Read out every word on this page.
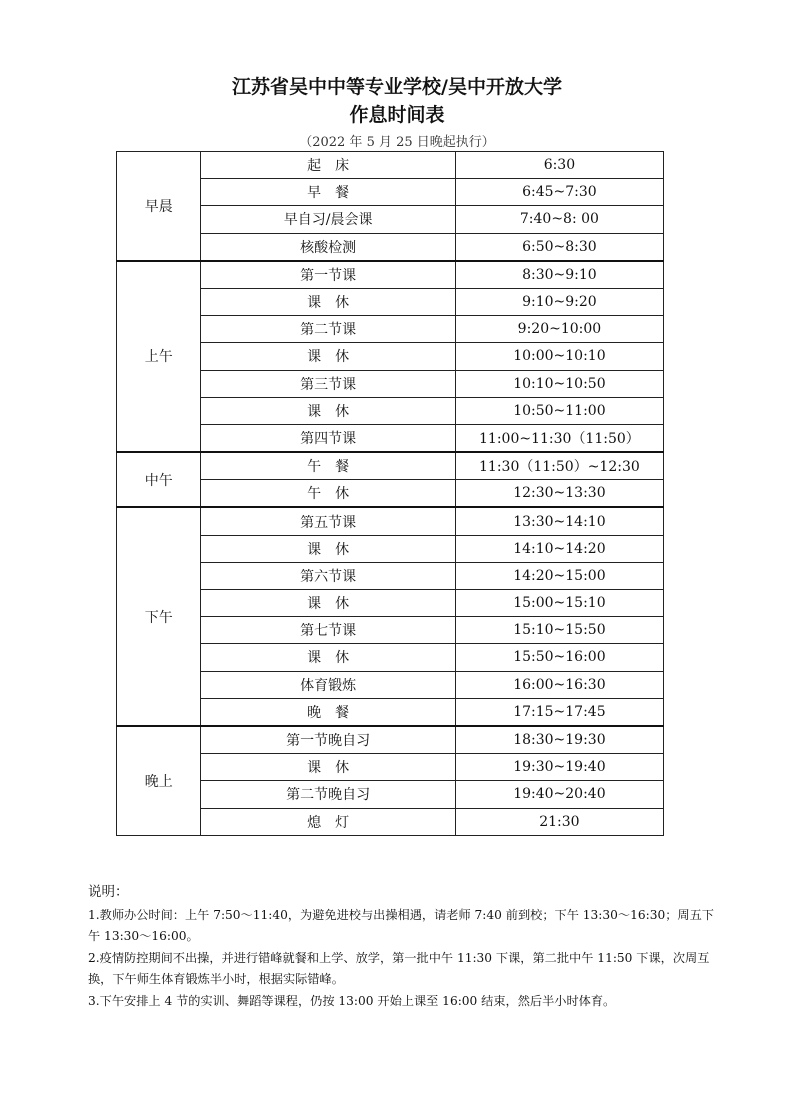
江苏省吴中中等专业学校/吴中开放大学
作息时间表
（2022 年 5 月 25 日晚起执行）
早晨	起　床	6:30
	早　餐	6:45~7:30
	早自习/晨会课	7:40~8: 00
	核酸检测	6:50~8:30
上午	第一节课	8:30~9:10
	课　休	9:10~9:20
	第二节课	9:20~10:00
	课　休	10:00~10:10
	第三节课	10:10~10:50
	课　休	10:50~11:00
	第四节课	11:00~11:30（11:50）
中午	午　餐	11:30（11:50）~12:30
	午　休	12:30~13:30
下午	第五节课	13:30~14:10
	课　休	14:10~14:20
	第六节课	14:20~15:00
	课　休	15:00~15:10
	第七节课	15:10~15:50
	课　休	15:50~16:00
	体育锻炼	16:00~16:30
	晚　餐	17:15~17:45
晚上	第一节晚自习	18:30~19:30
	课　休	19:30~19:40
	第二节晚自习	19:40~20:40
	熄　灯	21:30

说明：

1.教师办公时间：上午 7:50～11:40，为避免进校与出操相遇，请老师 7:40 前到校；下午 13:30～16:30；周五下午 13:30～16:00。

2.疫情防控期间不出操，并进行错峰就餐和上学、放学，第一批中午 11:30 下课，第二批中午 11:50 下课，次周互换，下午师生体育锻炼半小时，根据实际错峰。

3.下午安排上 4 节的实训、舞蹈等课程，仍按 13:00 开始上课至 16:00 结束，然后半小时体育。
